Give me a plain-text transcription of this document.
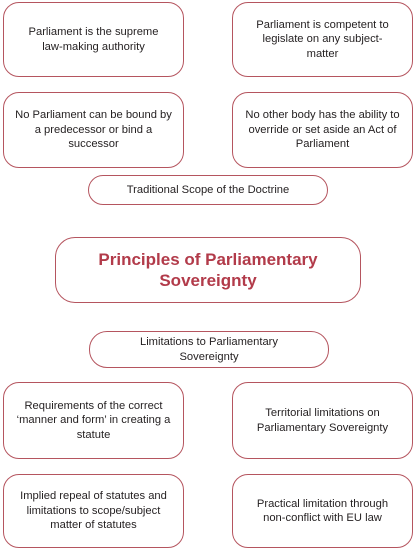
Parliament is the supreme law-making authority
Parliament is competent to legislate on any subject-matter
No Parliament can be bound by a predecessor or bind a successor
No other body has the ability to override or set aside an Act of Parliament
Traditional Scope of the Doctrine
Principles of Parliamentary Sovereignty
Limitations to Parliamentary Sovereignty
Requirements of the correct ‘manner and form’ in creating a statute
Territorial limitations on Parliamentary Sovereignty
Implied repeal of statutes and limitations to scope/subject matter of statutes
Practical limitation through non-conflict with EU law
